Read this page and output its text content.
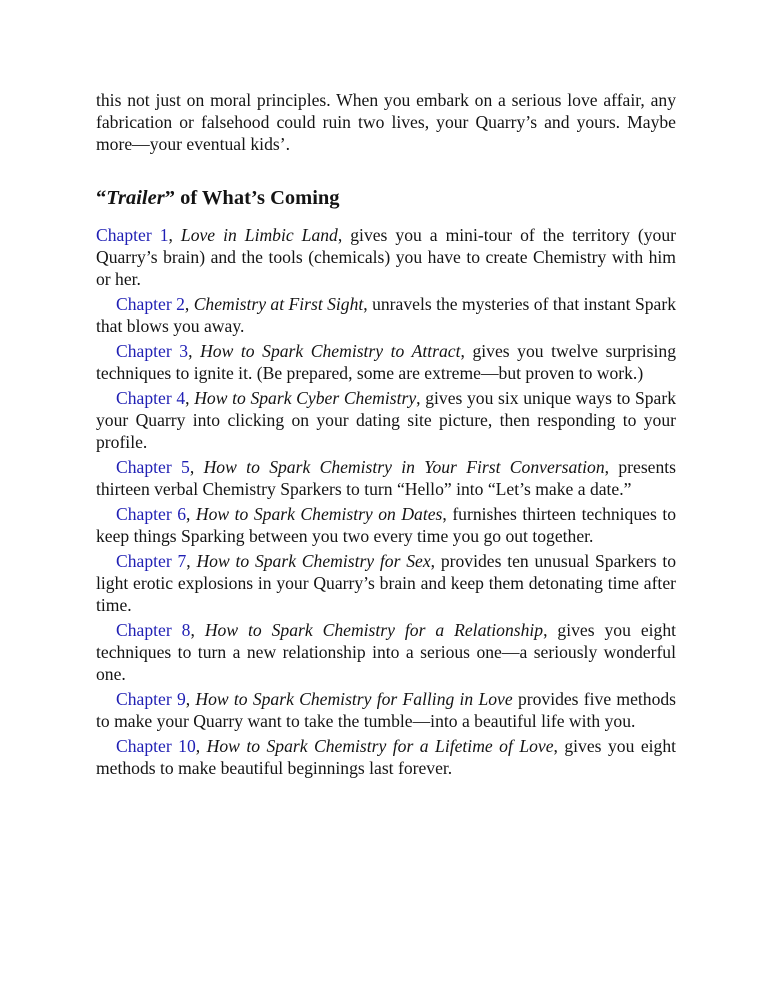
this not just on moral principles. When you embark on a serious love affair, any fabrication or falsehood could ruin two lives, your Quarry’s and yours. Maybe more—your eventual kids’.

“Trailer” of What’s Coming

Chapter 1, Love in Limbic Land, gives you a mini-tour of the territory (your Quarry’s brain) and the tools (chemicals) you have to create Chemistry with him or her.

Chapter 2, Chemistry at First Sight, unravels the mysteries of that instant Spark that blows you away.

Chapter 3, How to Spark Chemistry to Attract, gives you twelve surprising techniques to ignite it. (Be prepared, some are extreme—but proven to work.)

Chapter 4, How to Spark Cyber Chemistry, gives you six unique ways to Spark your Quarry into clicking on your dating site picture, then responding to your profile.

Chapter 5, How to Spark Chemistry in Your First Conversation, presents thirteen verbal Chemistry Sparkers to turn “Hello” into “Let’s make a date.”

Chapter 6, How to Spark Chemistry on Dates, furnishes thirteen techniques to keep things Sparking between you two every time you go out together.

Chapter 7, How to Spark Chemistry for Sex, provides ten unusual Sparkers to light erotic explosions in your Quarry’s brain and keep them detonating time after time.

Chapter 8, How to Spark Chemistry for a Relationship, gives you eight techniques to turn a new relationship into a serious one—a seriously wonderful one.

Chapter 9, How to Spark Chemistry for Falling in Love provides five methods to make your Quarry want to take the tumble—into a beautiful life with you.

Chapter 10, How to Spark Chemistry for a Lifetime of Love, gives you eight methods to make beautiful beginnings last forever.
